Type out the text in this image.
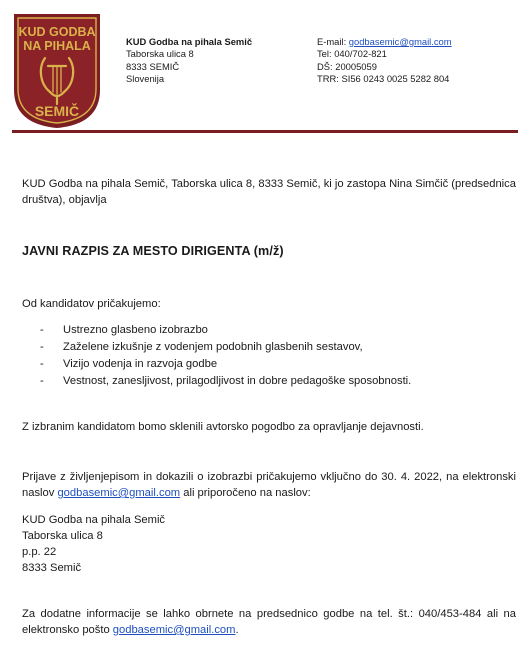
KUD GODBA
NA PIHALA
SEMIČ
KUD Godba na pihala Semič
Taborska ulica 8
8333 SEMIČ
Slovenija
E-mail: godbasemic@gmail.com
Tel: 040/702-821
DŠ: 20005059
TRR: SI56 0243 0025 5282 804
KUD Godba na pihala Semič, Taborska ulica 8, 8333 Semič, ki jo zastopa Nina Simčič (predsednica društva), objavlja
JAVNI RAZPIS ZA MESTO DIRIGENTA (m/ž)
Od kandidatov pričakujemo:
- Ustrezno glasbeno izobrazbo
- Zaželene izkušnje z vodenjem podobnih glasbenih sestavov,
- Vizijo vodenja in razvoja godbe
- Vestnost, zanesljivost, prilagodljivost in dobre pedagoške sposobnosti.
Z izbranim kandidatom bomo sklenili avtorsko pogodbo za opravljanje dejavnosti.
Prijave z življenjepisom in dokazili o izobrazbi pričakujemo vključno do 30. 4. 2022, na elektronski naslov godbasemic@gmail.com ali priporočeno na naslov:
KUD Godba na pihala Semič
Taborska ulica 8
p.p. 22
8333 Semič
Za dodatne informacije se lahko obrnete na predsednico godbe na tel. št.: 040/453-484 ali na elektronsko pošto godbasemic@gmail.com.
